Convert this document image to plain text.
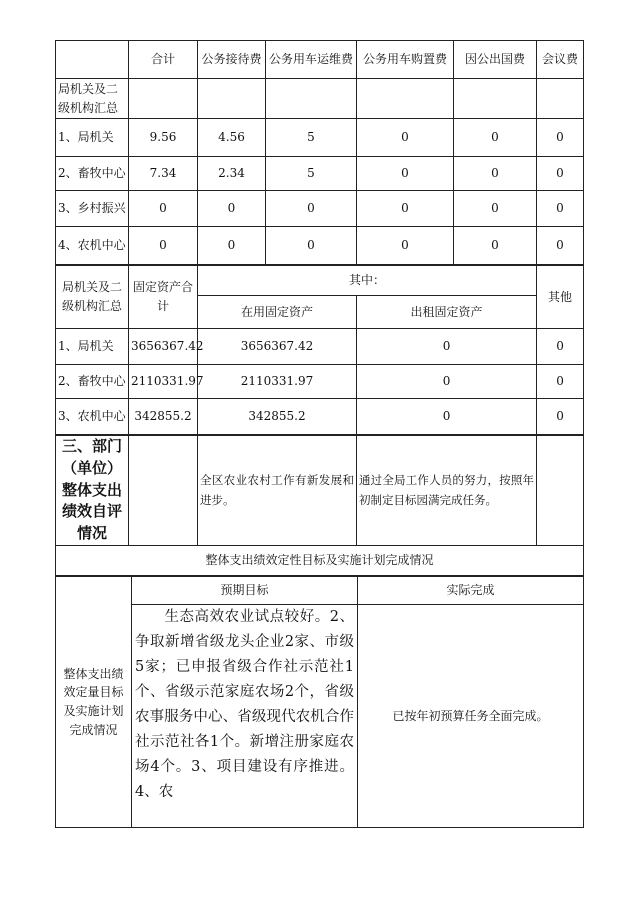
	合计	公务接待费	公务用车运维费	公务用车购置费	因公出国费	会议费
局机关及二级机构汇总						
1、局机关	9.56	4.56	5	0	0	0
2、畜牧中心	7.34	2.34	5	0	0	0
3、乡村振兴	0	0	0	0	0	0
4、农机中心	0	0	0	0	0	0
局机关及二级机构汇总	固定资产合计	其中：		其他
		在用固定资产	出租固定资产	
1、局机关	3656367.42	3656367.42	0	0
2、畜牧中心	2110331.97	2110331.97	0	0
3、农机中心	342855.2	342855.2	0	0
三、部门（单位）整体支出绩效自评情况		全区农业农村工作有新发展和进步。	通过全局工作人员的努力，按照年初制定目标园满完成任务。	
整体支出绩效定性目标及实施计划完成情况
整体支出绩效定量目标及实施计划完成情况	预期目标	实际完成
	生态高效农业试点较好。2、争取新增省级龙头企业2家、市级5家；已申报省级合作社示范社1个、省级示范家庭农场2个，省级农事服务中心、省级现代农机合作社示范社各1个。新增注册家庭农场4个。3、项目建设有序推进。4、农	已按年初预算任务全面完成。
